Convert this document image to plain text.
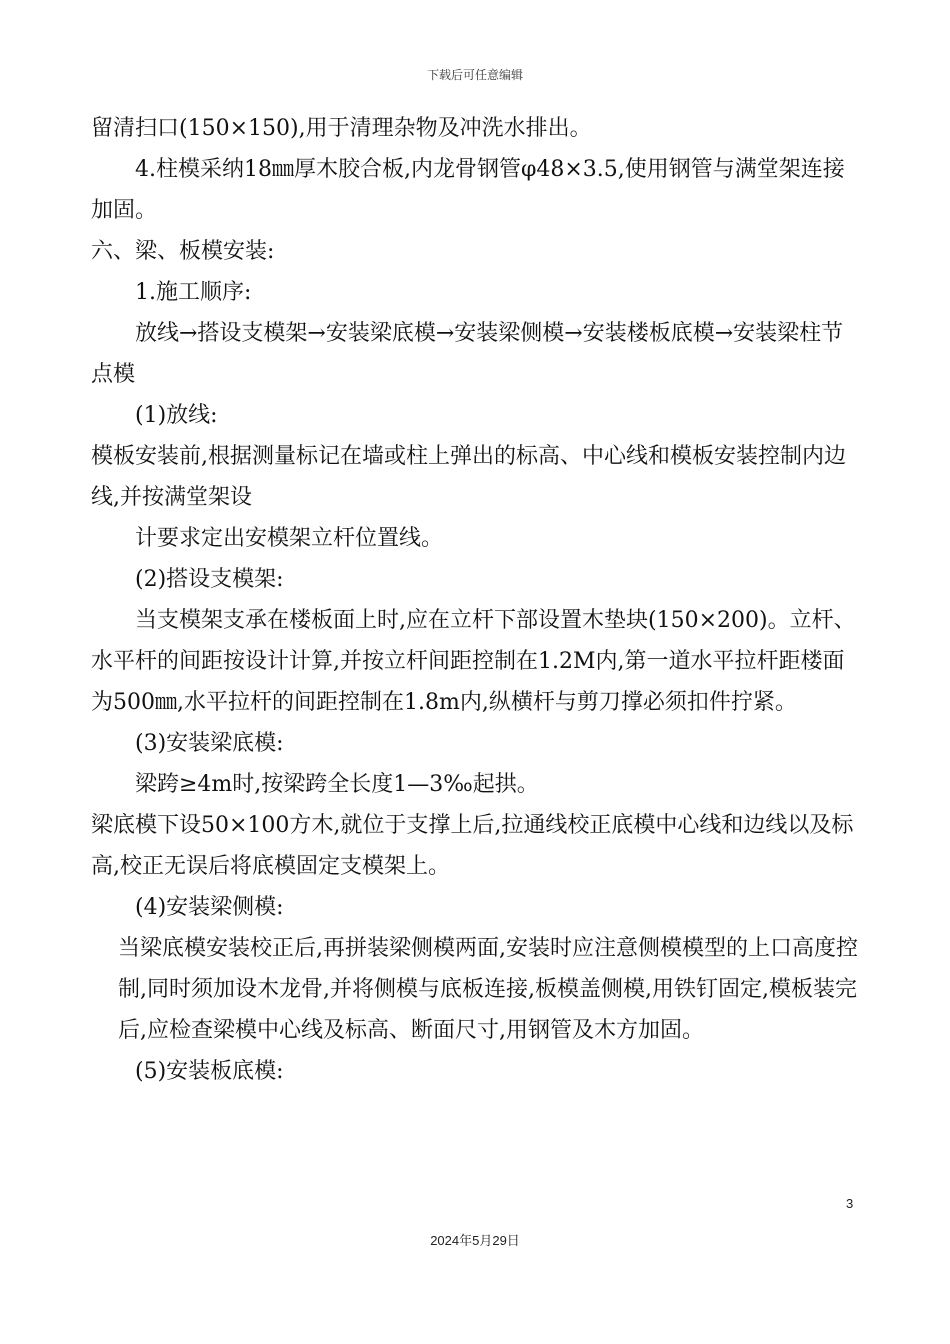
下载后可任意编辑

留清扫口(150×150),用于清理杂物及冲洗水排出。

4.柱模采纳18㎜厚木胶合板,内龙骨钢管φ48×3.5,使用钢管与满堂架连接加固。

六、梁、板模安装:

1.施工顺序:

放线→搭设支模架→安装梁底模→安装梁侧模→安装楼板底模→安装梁柱节点模

(1)放线:

模板安装前,根据测量标记在墙或柱上弹出的标高、中心线和模板安装控制内边线,并按满堂架设

计要求定出安模架立杆位置线。

(2)搭设支模架:

当支模架支承在楼板面上时,应在立杆下部设置木垫块(150×200)。立杆、水平杆的间距按设计计算,并按立杆间距控制在1.2M内,第一道水平拉杆距楼面为500㎜,水平拉杆的间距控制在1.8m内,纵横杆与剪刀撑必须扣件拧紧。

(3)安装梁底模:

梁跨≥4m时,按梁跨全长度1—3‰起拱。

梁底模下设50×100方木,就位于支撑上后,拉通线校正底模中心线和边线以及标高,校正无误后将底模固定支模架上。

(4)安装梁侧模:

当梁底模安装校正后,再拼装梁侧模两面,安装时应注意侧模模型的上口高度控制,同时须加设木龙骨,并将侧模与底板连接,板模盖侧模,用铁钉固定,模板装完后,应检查梁模中心线及标高、断面尺寸,用钢管及木方加固。

(5)安装板底模:

3
2024年5月29日
